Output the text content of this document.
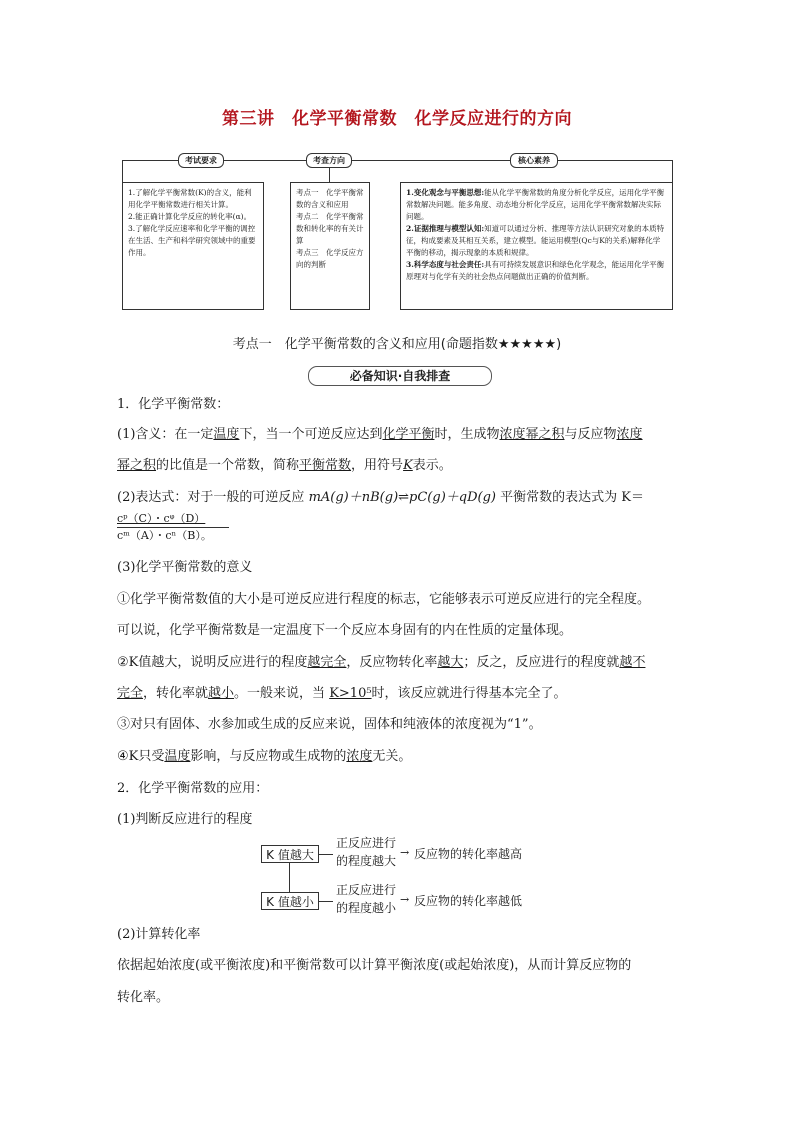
第三讲　化学平衡常数　化学反应进行的方向
考试要求	考查方向	核心素养
1.了解化学平衡常数(K)的含义，能利用化学平衡常数进行相关计算。
2.能正确计算化学反应的转化率(α)。
3.了解化学反应速率和化学平衡的调控在生活、生产和科学研究领域中的重要作用。
考点一　化学平衡常数的含义和应用
考点二　化学平衡常数和转化率的有关计算
考点三　化学反应方向的判断
1.变化观念与平衡思想:能从化学平衡常数的角度分析化学反应，运用化学平衡常数解决问题。能多角度、动态地分析化学反应，运用化学平衡常数解决实际问题。
2.证据推理与模型认知:知道可以通过分析、推理等方法认识研究对象的本质特征，构成要素及其相互关系，建立模型。能运用模型(Qc与K的关系)解释化学平衡的移动，揭示现象的本质和规律。
3.科学态度与社会责任:具有可持续发展意识和绿色化学观念，能运用化学平衡原理对与化学有关的社会热点问题做出正确的价值判断。
考点一　化学平衡常数的含义和应用(命题指数★★★★★)
必备知识·自我排查
1．化学平衡常数：
(1)含义：在一定温度下，当一个可逆反应达到化学平衡时，生成物浓度幂之积与反应物浓度
幂之积的比值是一个常数，简称平衡常数，用符号K表示。
(2)表达式：对于一般的可逆反应 mA(g)＋nB(g)⇌pC(g)＋qD(g) 平衡常数的表达式为 K＝
$\frac{\text{cᵖ（C）・cᵠ（D）}}{\text{cᵐ（A）・cⁿ（B）。}}$
(3)化学平衡常数的意义
①化学平衡常数值的大小是可逆反应进行程度的标志，它能够表示可逆反应进行的完全程度。
可以说，化学平衡常数是一定温度下一个反应本身固有的内在性质的定量体现。
②K值越大，说明反应进行的程度越完全，反应物转化率越大；反之，反应进行的程度就越不
完全，转化率就越小。一般来说，当 K>10⁵时，该反应就进行得基本完全了。
③对只有固体、水参加或生成的反应来说，固体和纯液体的浓度视为“1”。
④K只受温度影响，与反应物或生成物的浓度无关。
2．化学平衡常数的应用：
(1)判断反应进行的程度
K 值越大
K 值越小
正反应进行
的程度越大
正反应进行
的程度越小
→
→
反应物的转化率越高
反应物的转化率越低
(2)计算转化率
依据起始浓度(或平衡浓度)和平衡常数可以计算平衡浓度(或起始浓度)，从而计算反应物的
转化率。
